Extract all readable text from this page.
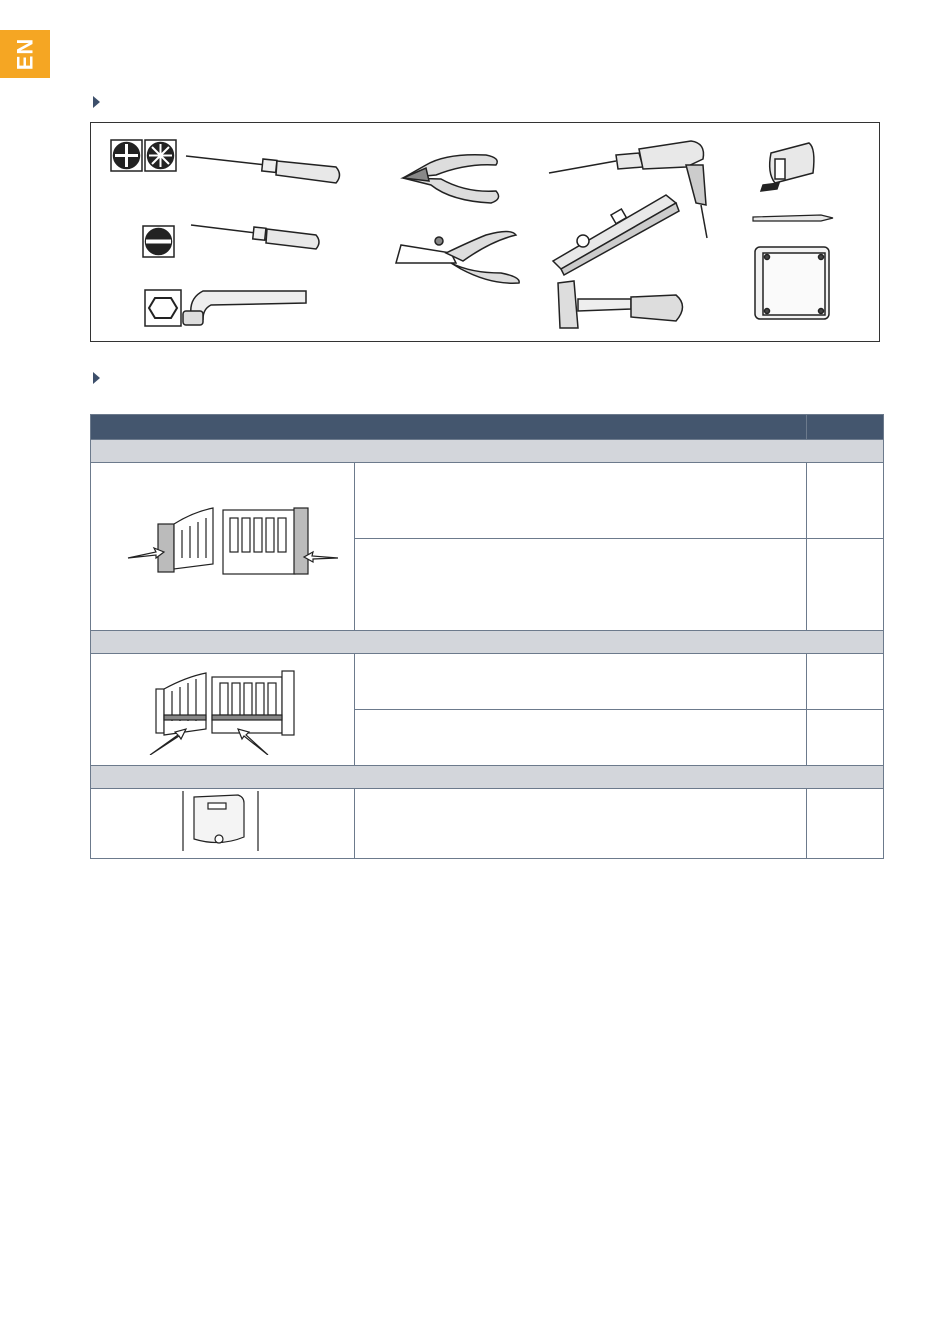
EN
